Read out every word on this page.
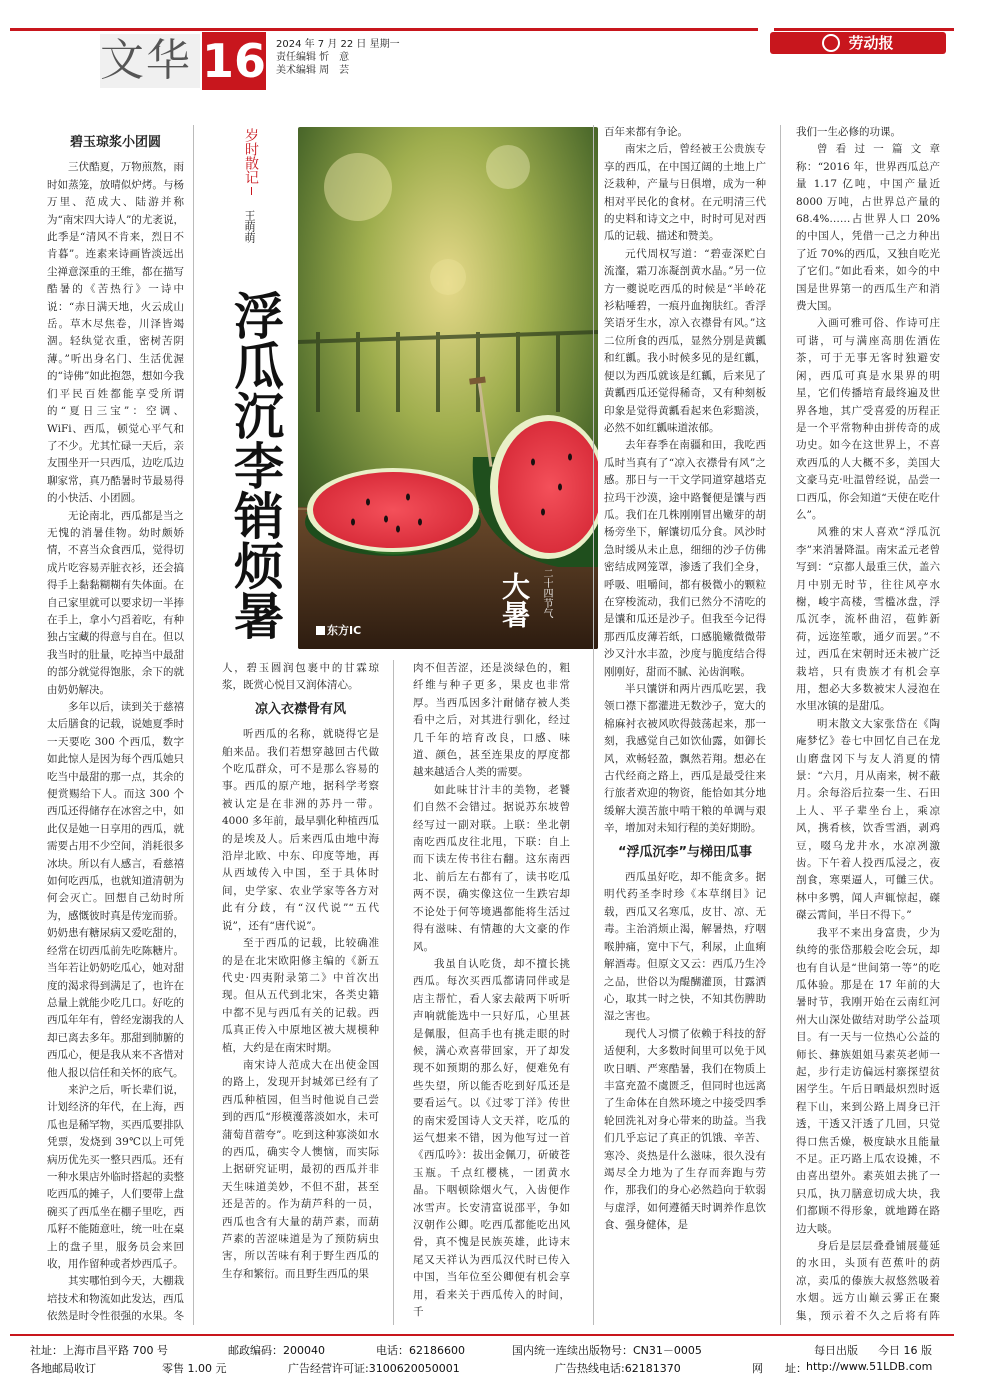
文华 16 2024 年 7 月 22 日 星期一
责任编辑 忻　意
美术编辑 周　芸
劳动报
岁时散记
王萌萌
浮瓜沉李销烦暑	东方IC
大暑	二十四节气
碧玉琼浆小团圆

三伏酷夏，万物煎熬，雨时如蒸笼，放晴似炉烤。与杨万里、范成大、陆游并称为“南宋四大诗人”的尤袤说，此季是“清风不肯来，烈日不肯暮”。连素来诗画皆淡远出尘禅意深重的王维，都在描写酷暑的《苦热行》一诗中说：“赤日满天地，火云成山岳。草木尽焦卷，川泽皆竭涸。轻纨觉衣重，密树苦阴薄。”听出身名门、生活优渥的“诗佛”如此抱怨，想如今我们平民百姓都能享受所谓的“夏日三宝”：空调、WiFi、西瓜，顿觉心平气和了不少。尤其忙碌一天后，亲友围坐开一只西瓜，边吃瓜边聊家常，真乃酷暑时节最易得的小快活、小团圆。

无论南北，西瓜都是当之无愧的消暑佳物。幼时颇娇情，不喜当众食西瓜，觉得切成片吃容易弄脏衣衫，还会搞得手上黏黏糊糊有失体面。在自己家里就可以要求切一半捧在手上，拿小勺舀着吃，有种独占宝藏的得意与自在。但以我当时的肚量，吃掉当中最甜的部分就觉得饱胀，余下的就由奶奶解决。

多年以后，读到关于慈禧太后膳食的记载，说她夏季时一天要吃 300 个西瓜，数字如此惊人是因为每个西瓜她只吃当中最甜的那一点，其余的便赏赐给下人。而这 300 个西瓜还得储存在冰窖之中，如此仅是她一日享用的西瓜，就需要占用不少空间，消耗很多冰块。所以有人感言，看慈禧如何吃西瓜，也就知道清朝为何会灭亡。回想自己幼时所为，感慨彼时真是传宠而骄。奶奶患有糖尿病又爱吃甜的，经常在切西瓜前先吃陈糖片。当年若让奶奶吃瓜心，她对甜度的渴求得到满足了，也许在总量上就能少吃几口。好吃的西瓜年年有，曾经宠溺我的人却已离去多年。那甜到肺腑的西瓜心，便是我从来不吝惜对他人报以信任和关怀的底气。

来沪之后，听长辈们说，计划经济的年代，在上海，西瓜也是稀罕物，买西瓜要排队凭票，发烧到 39℃以上可凭病历优先买一整只西瓜。还有一种水果店外临时搭起的卖整吃西瓜的摊子，人们要带上盘碗买了西瓜坐在棚子里吃，西瓜籽不能随意吐，统一吐在桌上的盘子里，服务员会来回收，用作留种或者炒西瓜子。

其实哪怕到今天，大棚栽培技术和物流如此发达，西瓜依然是时令性很强的水果。冬

人，碧玉圆润包裹中的甘霖琼浆，既赏心悦目又润体清心。

凉入衣襟骨有风

听西瓜的名称，就晓得它是舶来品。我们若想穿越回古代做个吃瓜群众，可不是那么容易的事。西瓜的原产地，据科学考察被认定是在非洲的苏丹一带。4000 多年前，最早驯化种植西瓜的是埃及人。后来西瓜由地中海沿岸北欧、中东、印度等地，再从西域传入中国，至于具体时间，史学家、农业学家等各方对此有分歧，有“汉代说”“五代说”，还有“唐代说”。

至于西瓜的记载，比较确准的是在北宋欧阳修主编的《新五代史·四夷附录第二》中首次出现。但从五代到北宋，各类史籍中都不见与西瓜有关的记载。西瓜真正传入中原地区被大规模种植，大约是在南宋时期。

南宋诗人范成大在出使金国的路上，发现开封城郊已经有了西瓜种植园，但当时他说自己尝到的西瓜“形模濩落淡如水，未可蒲萄苜蓿夸”。吃到这种寡淡如水的西瓜，确实令人懊恼，而实际上据研究证明，最初的西瓜并非天生味道美妙，不但不甜，甚至还是苦的。作为葫芦科的一员，西瓜也含有大量的葫芦素，而葫芦素的苦涩味道是为了预防病虫害，所以苦味有利于野生西瓜的生存和繁衍。而且野生西瓜的果

肉不但苦涩，还是淡绿色的，粗纤维与种子更多，果皮也非常厚。当西瓜因多汁耐储存被人类看中之后，对其进行驯化，经过几千年的培育改良，口感、味道、颜色，甚至连果皮的厚度都越来越适合人类的需要。

如此味甘汁丰的美物，老饕们自然不会错过。据说苏东坡曾经写过一副对联。上联：坐北朝南吃西瓜皮往北甩，下联：自上而下读左传书往右翻。这东南西北、前后左右都有了，读书吃瓜两不误，确实像这位一生跌宕却不论处于何等境遇都能将生活过得有滋味、有情趣的大文豪的作风。

我虽自认吃货，却不擅长挑西瓜。每次买西瓜都请同伴或是店主帮忙，看人家去敲两下听听声响就能选中一只好瓜，心里甚是佩服，但高手也有挑走眼的时候，满心欢喜带回家，开了却发现不如预期的那么好，便难免有些失望，所以能否吃到好瓜还是要看运气。以《过零丁洋》传世的南宋爱国诗人文天祥，吃瓜的运气想来不错，因为他写过一首《西瓜吟》：拔出金佩刀，斫破苍玉瓶。千点红樱桃，一团黄水晶。下咽顿除烟火气，入齿便作冰雪声。长安清富说邵平，争如汉朝作公卿。吃西瓜都能吃出风骨，真不愧是民族英雄，此诗末尾又天祥认为西瓜汉代时已传入中国，当年位至公卿便有机会享用，看来关于西瓜传入的时间，千

百年来都有争论。

南宋之后，曾经被王公贵族专享的西瓜，在中国辽阔的土地上广泛栽种，产量与日俱增，成为一种相对平民化的食材。在元明清三代的史料和诗文之中，时时可见对西瓜的记载、描述和赞美。

元代周权写道：“碧壶深贮白流瀣，霜刀冻凝剖黄水晶。”另一位方一夔说吃西瓜的时候是“半岭花衫粘唾碧，一痕丹血掬肤红。香浮笑语牙生水，凉入衣襟骨有风。”这二位所食的西瓜，显然分别是黄瓤和红瓤。我小时候多见的是红瓤，便以为西瓜就该是红瓤，后来见了黄瓤西瓜还觉得稀奇，又有种刻板印象是觉得黄瓤看起来色彩黯淡，必然不如红瓤味道浓郁。

去年春季在南疆和田，我吃西瓜时当真有了“凉入衣襟骨有风”之感。那日与一干文学同道穿越塔克拉玛干沙漠，途中路餐便是馕与西瓜。我们在几株刚刚冒出嫩芽的胡杨旁坐下，解馕切瓜分食。风沙时急时缓从未止息，细细的沙子仿佛密结成网笼罩，渗透了我们全身，呼吸、咀嚼间，都有极微小的颗粒在穿梭流动，我们已然分不清吃的是馕和瓜还是沙子。但我至今记得那西瓜皮薄若纸，口感脆嫩微微带沙又汁水丰盈，沙度与脆度结合得刚刚好，甜而不腻、沁齿润喉。

半只馕饼和两片西瓜吃罢，我领口襟下都灌进无数沙子，宽大的棉麻衬衣被风吹得鼓荡起来，那一刻，我感觉自己如饮仙露，如御长风，欢畅轻盈，飘然若翔。想必在古代经商之路上，西瓜是最受往来行旅者欢迎的物资，能恰如其分地缓解大漠苦旅中啃干粮的单调与艰辛，增加对未知行程的美好期盼。

“浮瓜沉李”与梯田瓜事

西瓜虽好吃，却不能贪多。据明代药圣李时珍《本草纲目》记载，西瓜又名寒瓜，皮甘、凉、无毒。主治消烦止渴，解暑热，疗咽喉肿痛，宽中下气，利尿，止血痢解酒毒。但原文又云：西瓜乃生冷之品，世俗以为醍醐灌顶，甘露洒心，取其一时之快，不知其伤脾助湿之害也。

现代人习惯了依赖于科技的舒适便利，大多数时间里可以免于风吹日晒、严寒酷暑，我们在物质上丰富充盈不虞匮乏，但同时也远离了生命体在自然环境之中接受四季轮回洗礼对身心带来的助益。当我们几乎忘记了真正的饥饿、辛苦、寒冷、炎热是什么滋味，很久没有竭尽全力地为了生存而奔跑与劳作，那我们的身心必然趋向于软弱与虚浮，如何遵循天时调养作息饮食、强身健体，是

我们一生必修的功课。

曾看过一篇文章称：“2016 年，世界西瓜总产量 1.17 亿吨，中国产量近 8000 万吨，占世界总产量的 68.4%……占世界人口 20%的中国人，凭借一己之力种出了近 70%的西瓜，又独自吃光了它们。”如此看来，如今的中国是世界第一的西瓜生产和消费大国。

入画可雅可俗、作诗可庄可谐，可与满座高朋佐酒佐茶，可于无事无客时独避安闲，西瓜可真是水果界的明星，它们传播培育最终遍及世界各地，其广受喜爱的历程正是一个平常物种由拼传奇的成功史。如今在这世界上，不喜欢西瓜的人大概不多，美国大文豪马克·吐温曾经说，品尝一口西瓜，你会知道“天使在吃什么”。

风雅的宋人喜欢“浮瓜沉李”来消暑降温。南宋孟元老曾写到：“京都人最重三伏，盖六月中别无时节，往往风亭水榭，峻宇高楼，雪槛冰盘，浮瓜沉李，流杯曲沼，苞鲊新荷，远迩笙歌，通夕而罢。”不过，西瓜在宋朝时还未被广泛栽培，只有贵族才有机会享用，想必大多数被宋人浸泡在水里冰镇的是甜瓜。

明末散文大家张岱在《陶庵梦忆》卷七中回忆自己在龙山磨盘冈下与友人消夏的情景：“六月，月从南来，树不蔽月。余每浴后拉秦一生、石田上人、平子辈坐台上，乘凉风，携肴核，饮香雪酒，剥鸡豆，啜乌龙井水，水凉冽激齿。下午着人投西瓜浸之，夜剖食，寒栗逼人，可雠三伏。林中多鹗，闻人声辄惊起，磔磔云霄间，半日不得下。”

我平不来出身富贵，少为纨绔的张岱那般会吃会玩，却也有自认是“世间第一等”的吃瓜体验。那是在 17 年前的大暑时节，我刚开始在云南红河州大山深处做结对助学公益项目。有一天与一位热心公益的师长、彝族姐姐马素英老师一起，步行走访偏远村寨探望贫困学生。午后日晒最炽烈时返程下山，来到公路上周身已汗透，干透又汗透了几回，只觉得口焦舌燥，极度缺水且能量不足。正巧路上瓜农设摊，不由喜出望外。素英姐去挑了一只瓜，执刀膳意切成大块，我们都顾不得形象，就地蹲在路边大啖。

身后是层层叠叠铺展蔓延的水田，头顶有芭蕉叶的荫凉，卖瓜的傣族大叔悠然吸着水烟。远方山巅云雾正在聚集，预示着不久之后将有阵

社址：上海市昌平路 700 号	邮政编码：200040	电话：62186600	国内统一连续出版物号：CN31－0005	每日出版 今日 16 版
各地邮局收订	零售 1.00 元	广告经营许可证:3100620050001	广告热线电话:62181370	网　　址： http://www.51LDB.com
